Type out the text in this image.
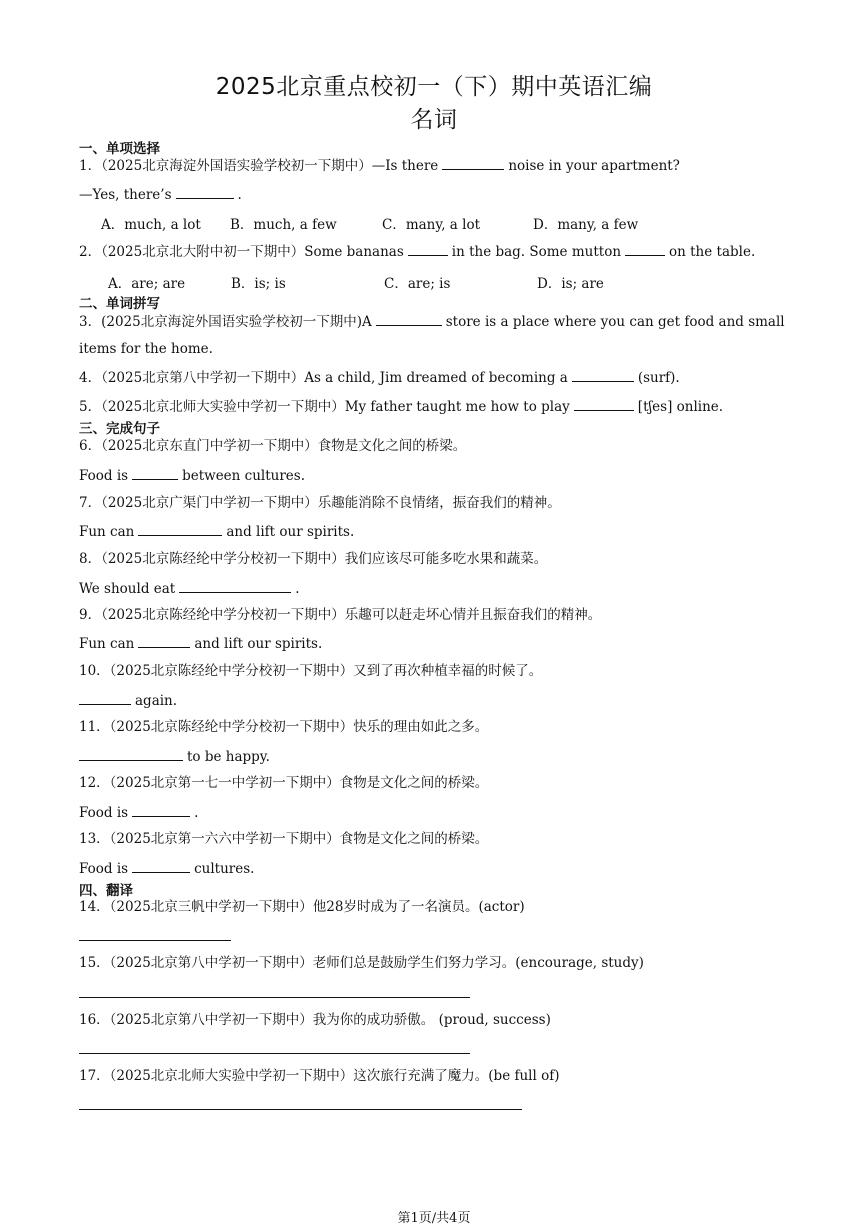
2025北京重点校初一（下）期中英语汇编
名词
一、单项选择
1．（2025北京海淀外国语实验学校初一下期中）—Is there	noise in your apartment?
—Yes, there’s	.
A．much, a lot B．much, a few	C．many, a lot	D．many, a few
2．（2025北京北大附中初一下期中）Some bananas	in the bag. Some mutton	on the table.
A．are; are	B．is; is	C．are; is	D．is; are
二、单词拼写
3．(2025北京海淀外国语实验学校初一下期中)A	store is a place where you can get food and small
items for the home.
4．（2025北京第八中学初一下期中）As a child, Jim dreamed of becoming a	(surf).
5．（2025北京北师大实验中学初一下期中）My father taught me how to play	[tʃes] online.
三、完成句子
6．（2025北京东直门中学初一下期中）食物是文化之间的桥梁。
Food is	between cultures.
7．（2025北京广渠门中学初一下期中）乐趣能消除不良情绪，振奋我们的精神。
Fun can	and lift our spirits.
8．（2025北京陈经纶中学分校初一下期中）我们应该尽可能多吃水果和蔬菜。
We should eat	.
9．（2025北京陈经纶中学分校初一下期中）乐趣可以赶走坏心情并且振奋我们的精神。
Fun can	and lift our spirits.
10．（2025北京陈经纶中学分校初一下期中）又到了再次种植幸福的时候了。
again.
11．（2025北京陈经纶中学分校初一下期中）快乐的理由如此之多。
to be happy.
12．（2025北京第一七一中学初一下期中）食物是文化之间的桥梁。
Food is	.
13．（2025北京第一六六中学初一下期中）食物是文化之间的桥梁。
Food is	cultures.
四、翻译
14．（2025北京三帆中学初一下期中）他28岁时成为了一名演员。(actor)
15．（2025北京第八中学初一下期中）老师们总是鼓励学生们努力学习。(encourage, study)
16．（2025北京第八中学初一下期中）我为你的成功骄傲。 (proud, success)
17．（2025北京北师大实验中学初一下期中）这次旅行充满了魔力。(be full of)
第1页/共4页
